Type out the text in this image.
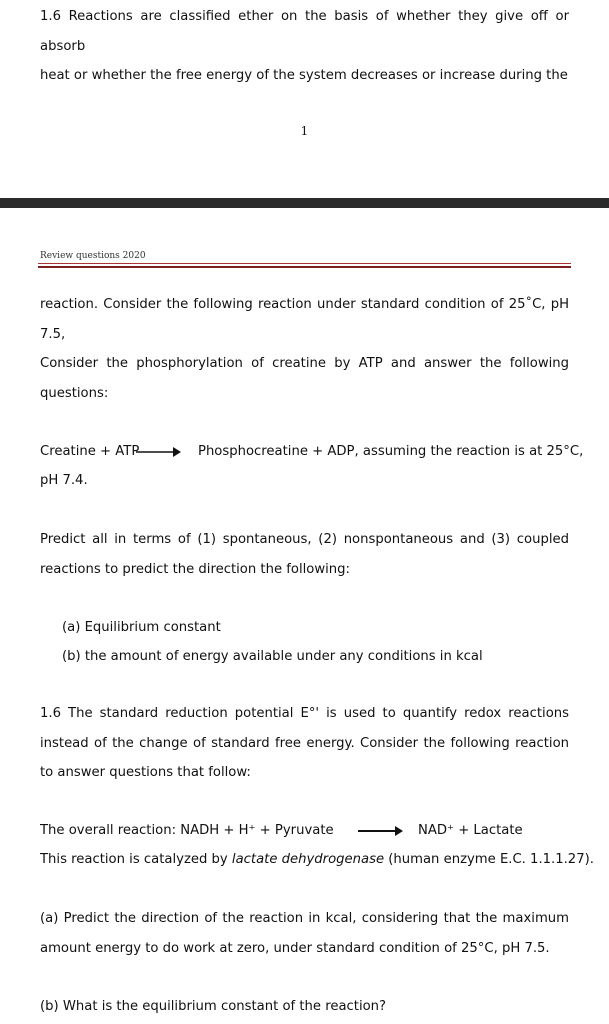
1.6 Reactions are classified ether on the basis of whether they give off or absorb
heat or whether the free energy of the system decreases or increase during the

1
Review questions 2020

reaction. Consider the following reaction under standard condition of 25˚C, pH 7.5,

Consider the phosphorylation of creatine by ATP and answer the following questions:

Creatine + ATP → Phosphocreatine + ADP, assuming the reaction is at 25°C,
pH 7.4.

Predict all in terms of (1) spontaneous, (2) nonspontaneous and (3) coupled reactions to predict the direction the following:

(a) Equilibrium constant
(b) the amount of energy available under any conditions in kcal

1.6 The standard reduction potential E°' is used to quantify redox reactions instead of the change of standard free energy. Consider the following reaction to answer questions that follow:

The overall reaction: NADH + H⁺ + Pyruvate	NAD⁺ + Lactate
This reaction is catalyzed by lactate dehydrogenase (human enzyme E.C. 1.1.1.27).

(a) Predict the direction of the reaction in kcal, considering that the maximum amount energy to do work at zero, under standard condition of 25°C, pH 7.5.

(b) What is the equilibrium constant of the reaction?
